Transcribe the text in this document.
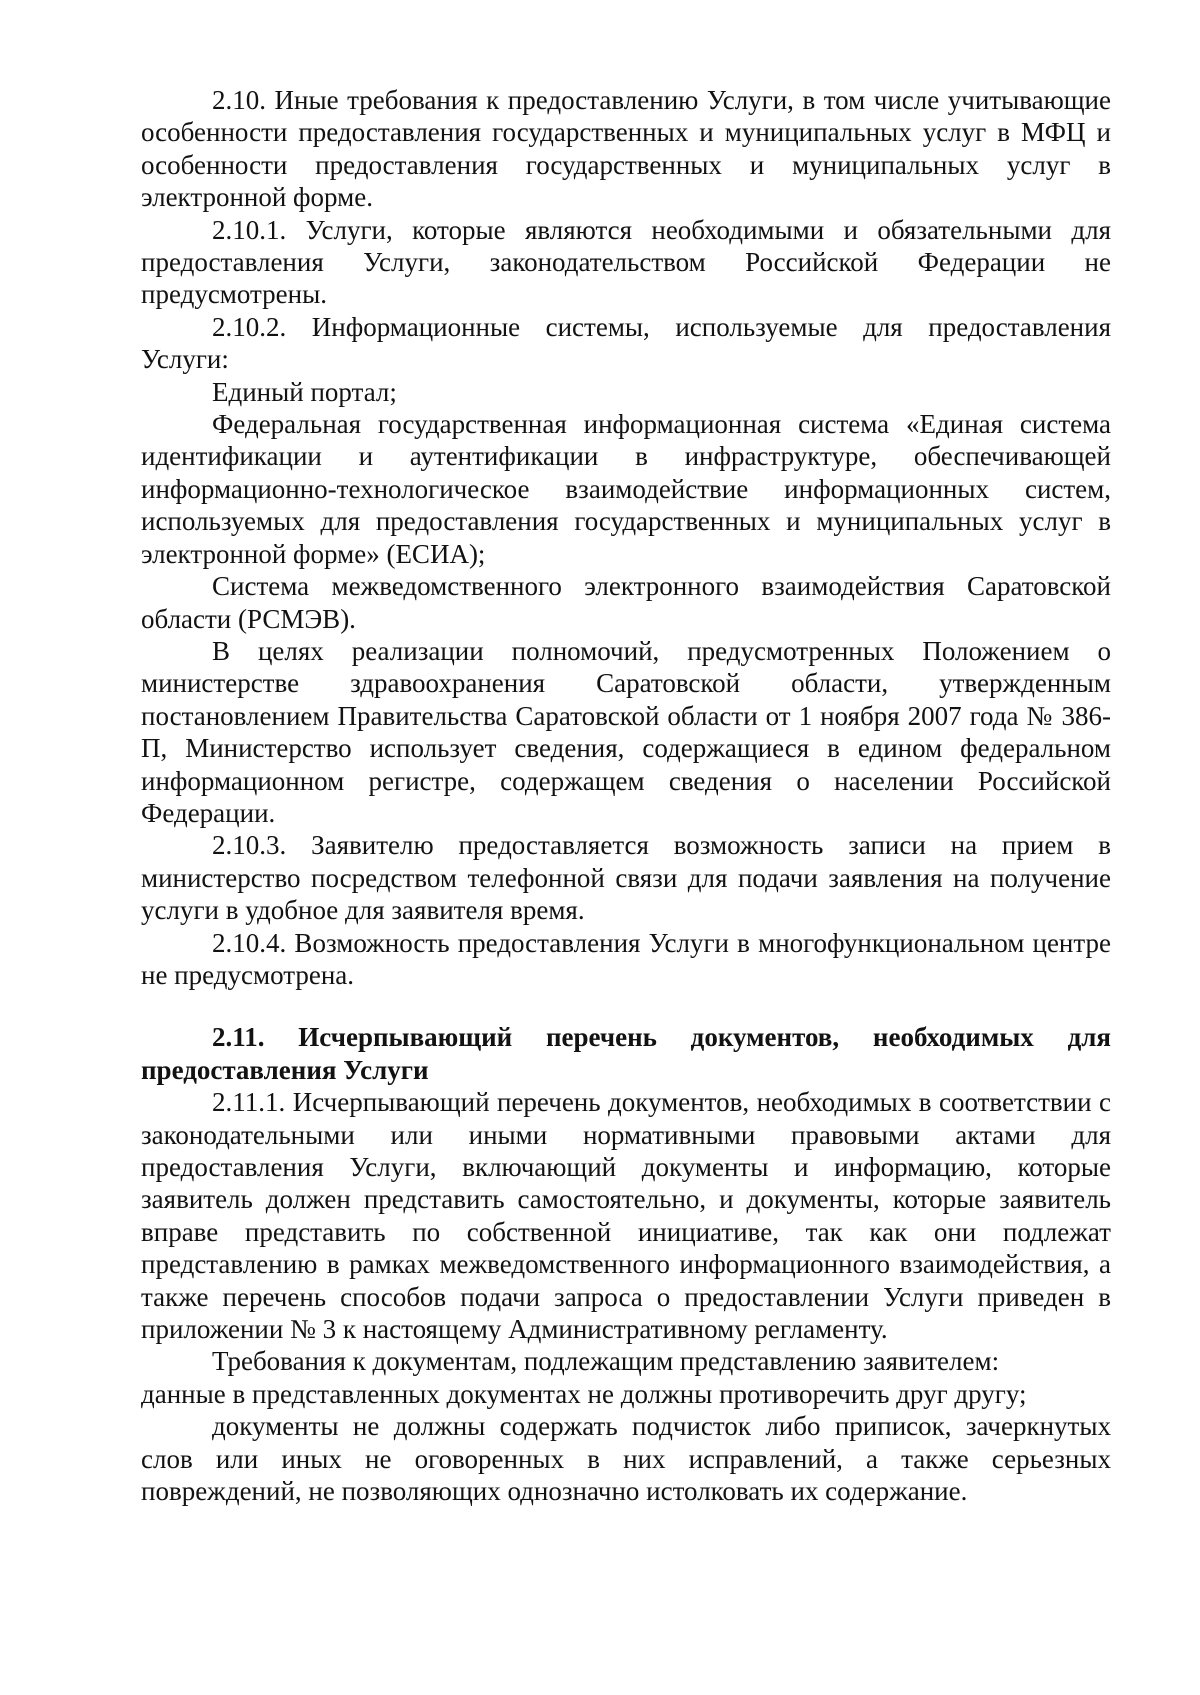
2.10. Иные требования к предоставлению Услуги, в том числе учитывающие особенности предоставления государственных и муниципальных услуг в МФЦ и особенности предоставления государственных и муниципальных услуг в электронной форме.

2.10.1. Услуги, которые являются необходимыми и обязательными для предоставления Услуги, законодательством Российской Федерации не предусмотрены.

2.10.2. Информационные системы, используемые для предоставления Услуги:

Единый портал;

Федеральная государственная информационная система «Единая система идентификации и аутентификации в инфраструктуре, обеспечивающей информационно-технологическое взаимодействие информационных систем, используемых для предоставления государственных и муниципальных услуг в электронной форме» (ЕСИА);

Система межведомственного электронного взаимодействия Саратовской области (РСМЭВ).

В целях реализации полномочий, предусмотренных Положением о министерстве здравоохранения Саратовской области, утвержденным постановлением Правительства Саратовской области от 1 ноября 2007 года № 386-П, Министерство использует сведения, содержащиеся в едином федеральном информационном регистре, содержащем сведения о населении Российской Федерации.

2.10.3. Заявителю предоставляется возможность записи на прием в министерство посредством телефонной связи для подачи заявления на получение услуги в удобное для заявителя время.

2.10.4. Возможность предоставления Услуги в многофункциональном центре не предусмотрена.

2.11. Исчерпывающий перечень документов, необходимых для предоставления Услуги

2.11.1. Исчерпывающий перечень документов, необходимых в соответствии с законодательными или иными нормативными правовыми актами для предоставления Услуги, включающий документы и информацию, которые заявитель должен представить самостоятельно, и документы, которые заявитель вправе представить по собственной инициативе, так как они подлежат представлению в рамках межведомственного информационного взаимодействия, а также перечень способов подачи запроса о предоставлении Услуги приведен в приложении № 3 к настоящему Административному регламенту.

Требования к документам, подлежащим представлению заявителем:

данные в представленных документах не должны противоречить друг другу;

документы не должны содержать подчисток либо приписок, зачеркнутых слов или иных не оговоренных в них исправлений, а также серьезных повреждений, не позволяющих однозначно истолковать их содержание.
